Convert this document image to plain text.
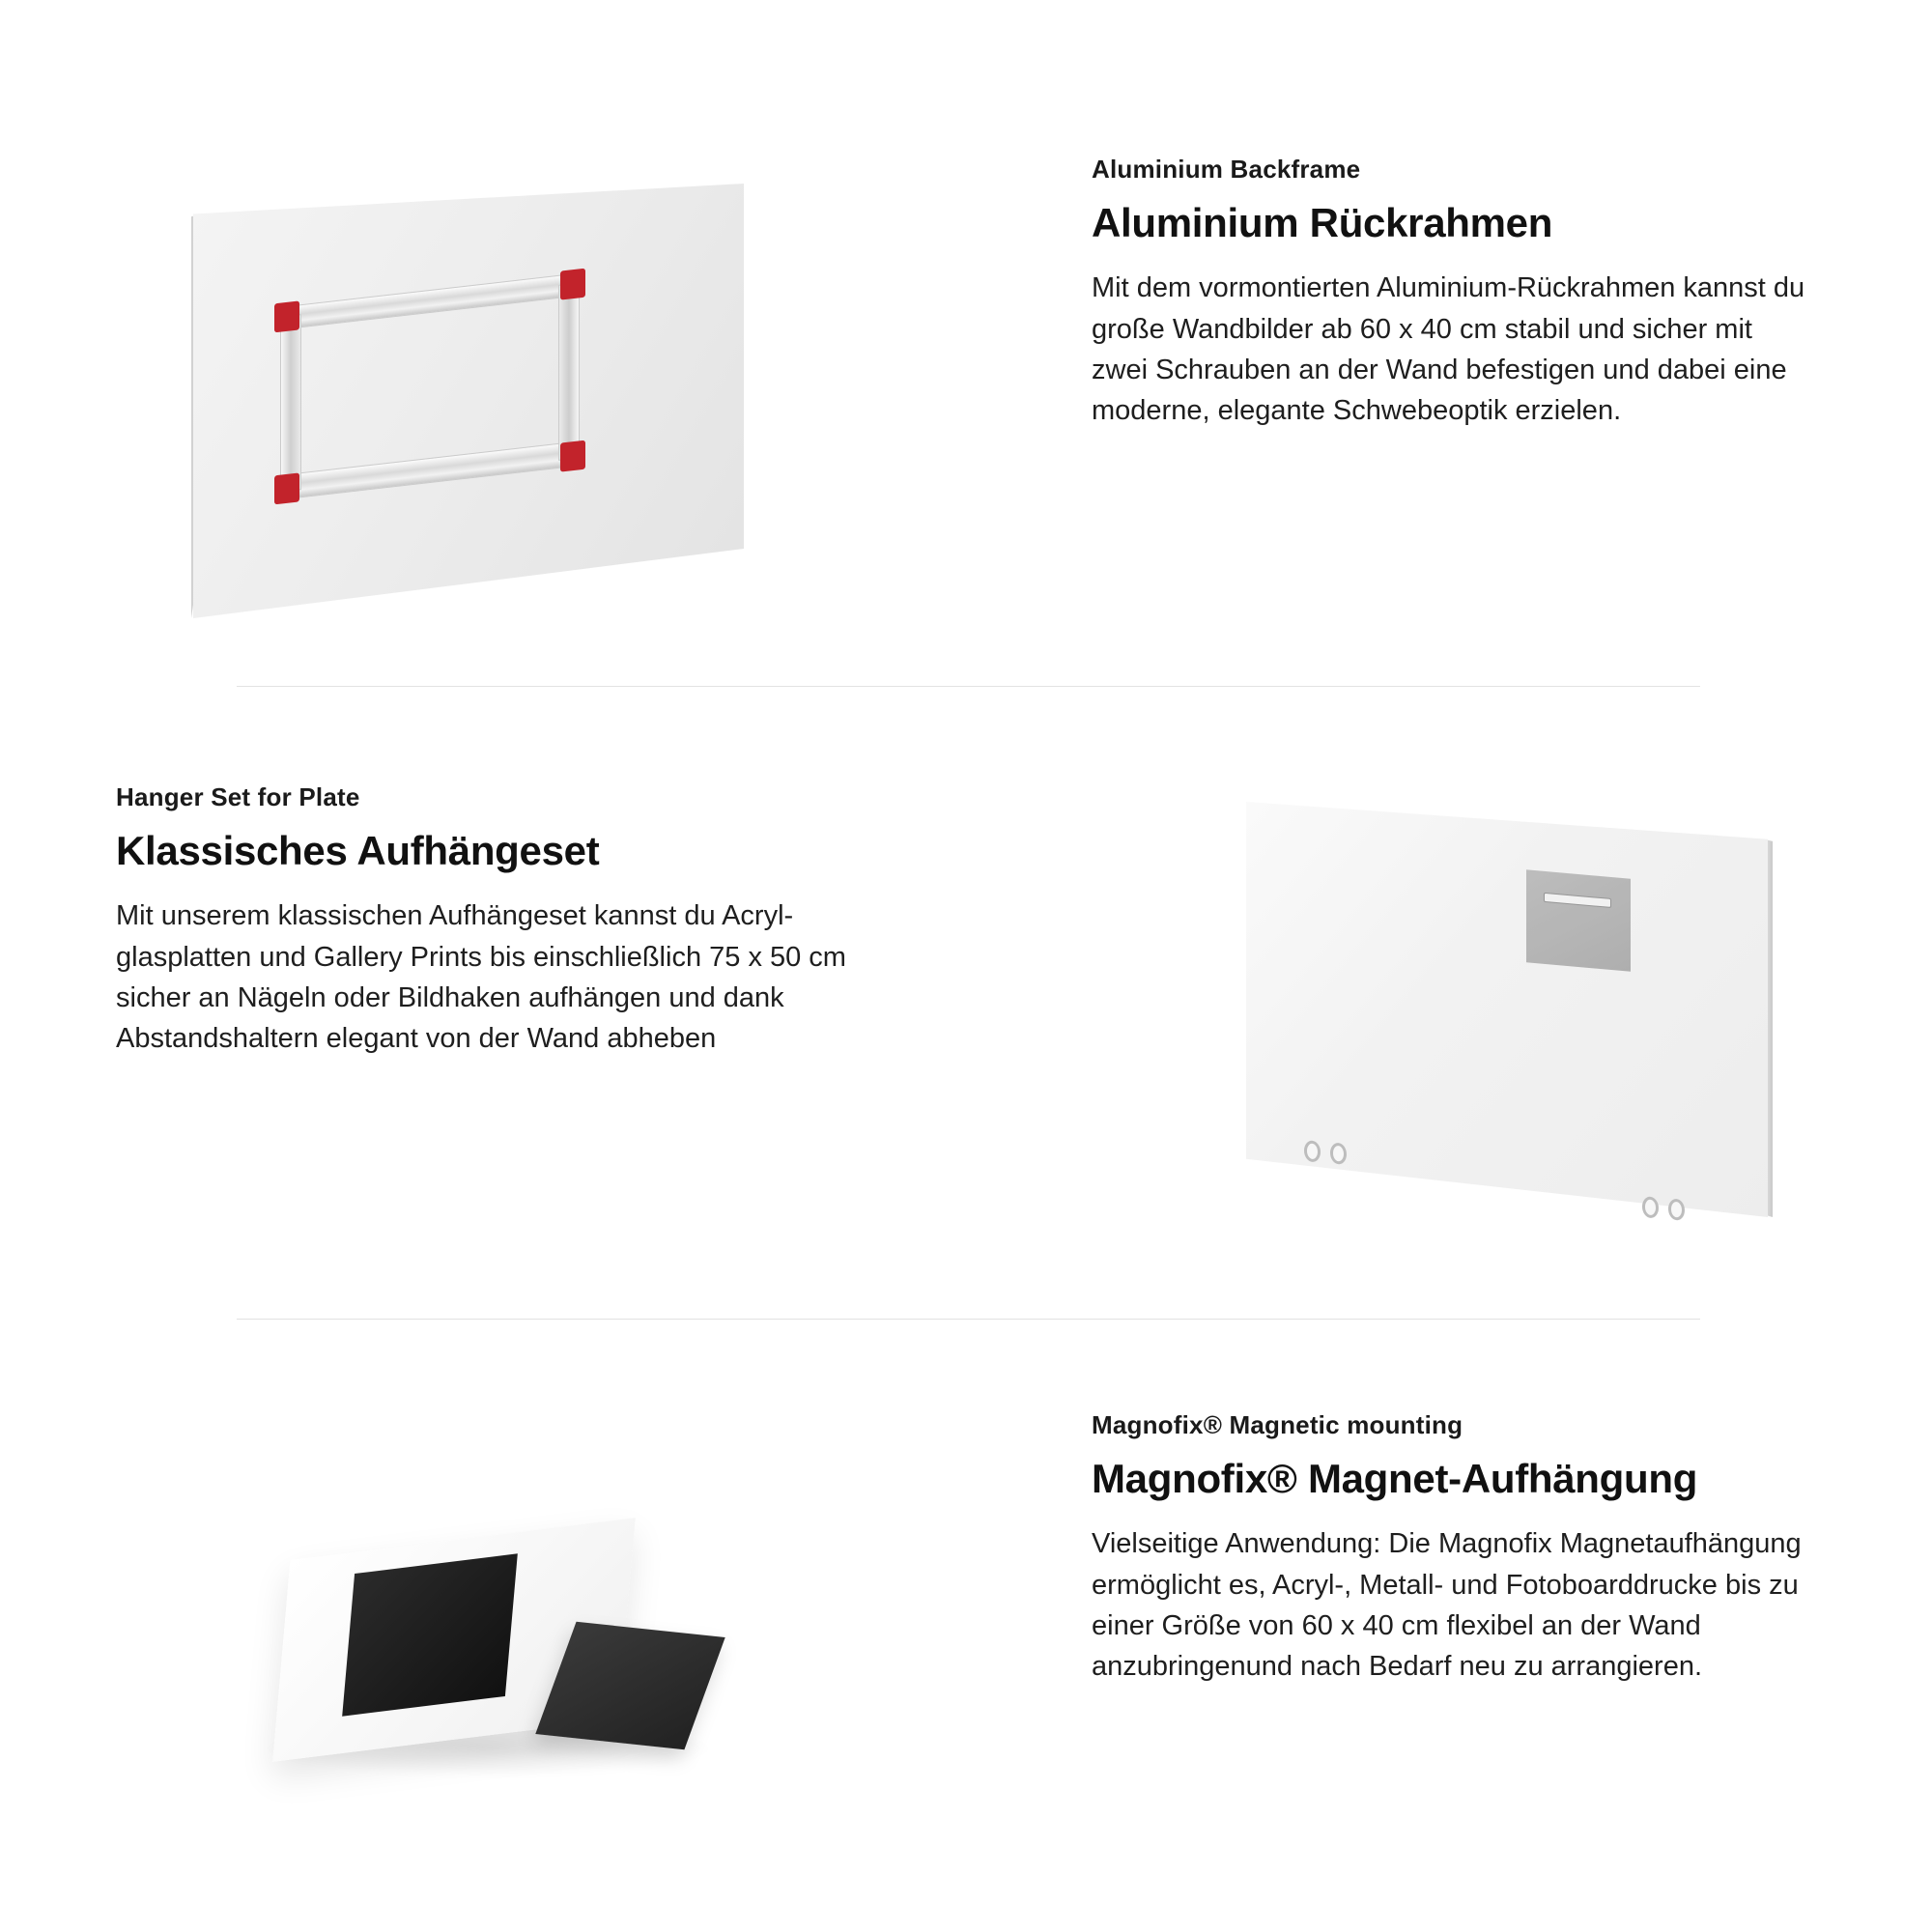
Aluminium Backframe

Aluminium Rückrahmen

Mit dem vormontierten Aluminium-Rückrahmen kannst du große Wandbilder ab 60 x 40 cm stabil und sicher mit zwei Schrauben an der Wand befestigen und dabei eine moderne, elegante Schwebeoptik erzielen.

Hanger Set for Plate

Klassisches Aufhängeset

Mit unserem klassischen Aufhängeset kannst du Acryl-glasplatten und Gallery Prints bis einschließlich 75 x 50 cm sicher an Nägeln oder Bildhaken aufhängen und dank Abstandshaltern elegant von der Wand abheben

Magnofix® Magnetic mounting

Magnofix® Magnet-Aufhängung

Vielseitige Anwendung: Die Magnofix Magnetaufhängung ermöglicht es, Acryl-, Metall- und Fotoboarddrucke bis zu einer Größe von 60 x 40 cm flexibel an der Wand anzubringenund nach Bedarf neu zu arrangieren.
